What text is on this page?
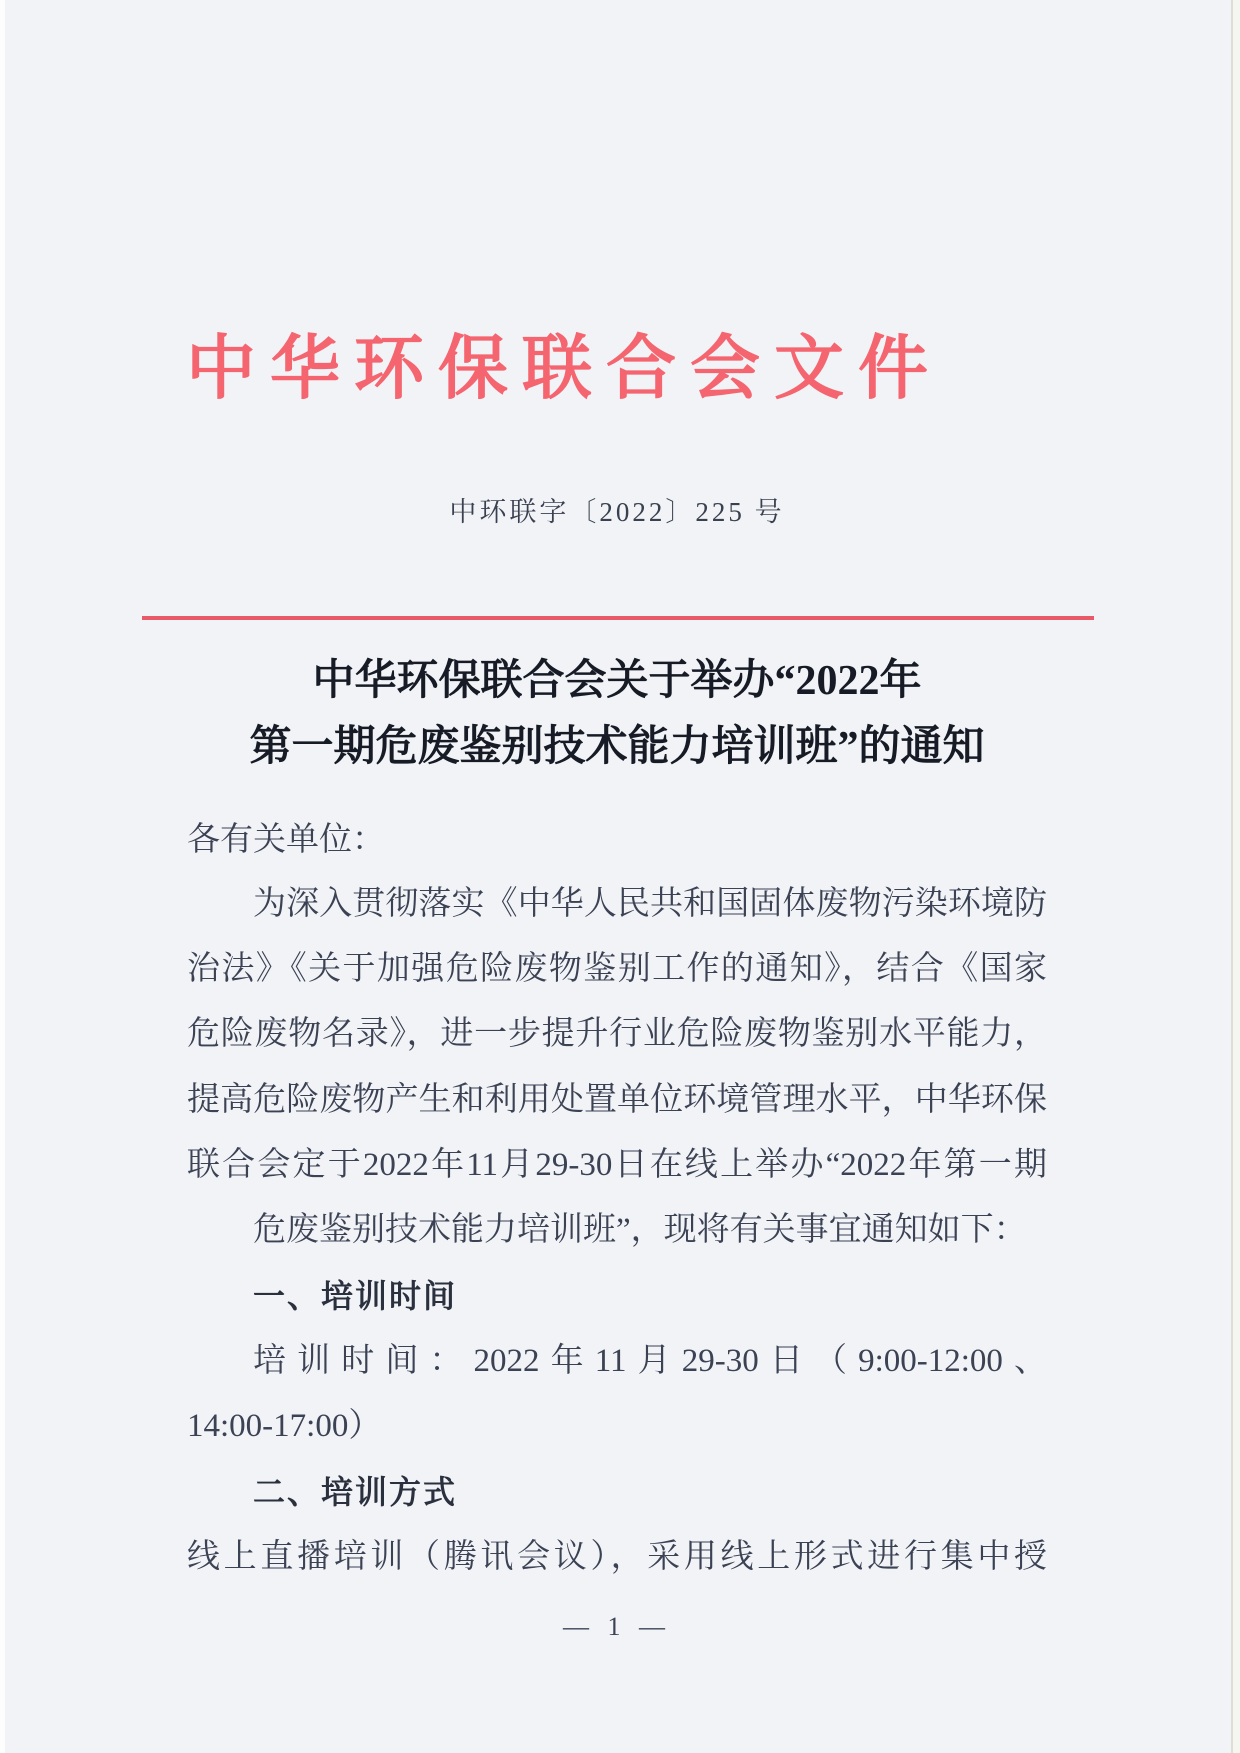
中华环保联合会文件
中环联字〔2022〕225 号
中华环保联合会关于举办“2022年
第一期危废鉴别技术能力培训班”的通知
各有关单位：
为深入贯彻落实《中华人民共和国固体废物污染环境防
治法》《关于加强危险废物鉴别工作的通知》，结合《国家
危险废物名录》，进一步提升行业危险废物鉴别水平能力，
提高危险废物产生和利用处置单位环境管理水平，中华环保
联合会定于2022年11月29-30日在线上举办“2022年第一期
危废鉴别技术能力培训班”，现将有关事宜通知如下：
一、培训时间
培训时间：2022年11月29-30日（9:00-12:00、
14:00-17:00）
二、培训方式
线上直播培训（腾讯会议），采用线上形式进行集中授
— 1 —
